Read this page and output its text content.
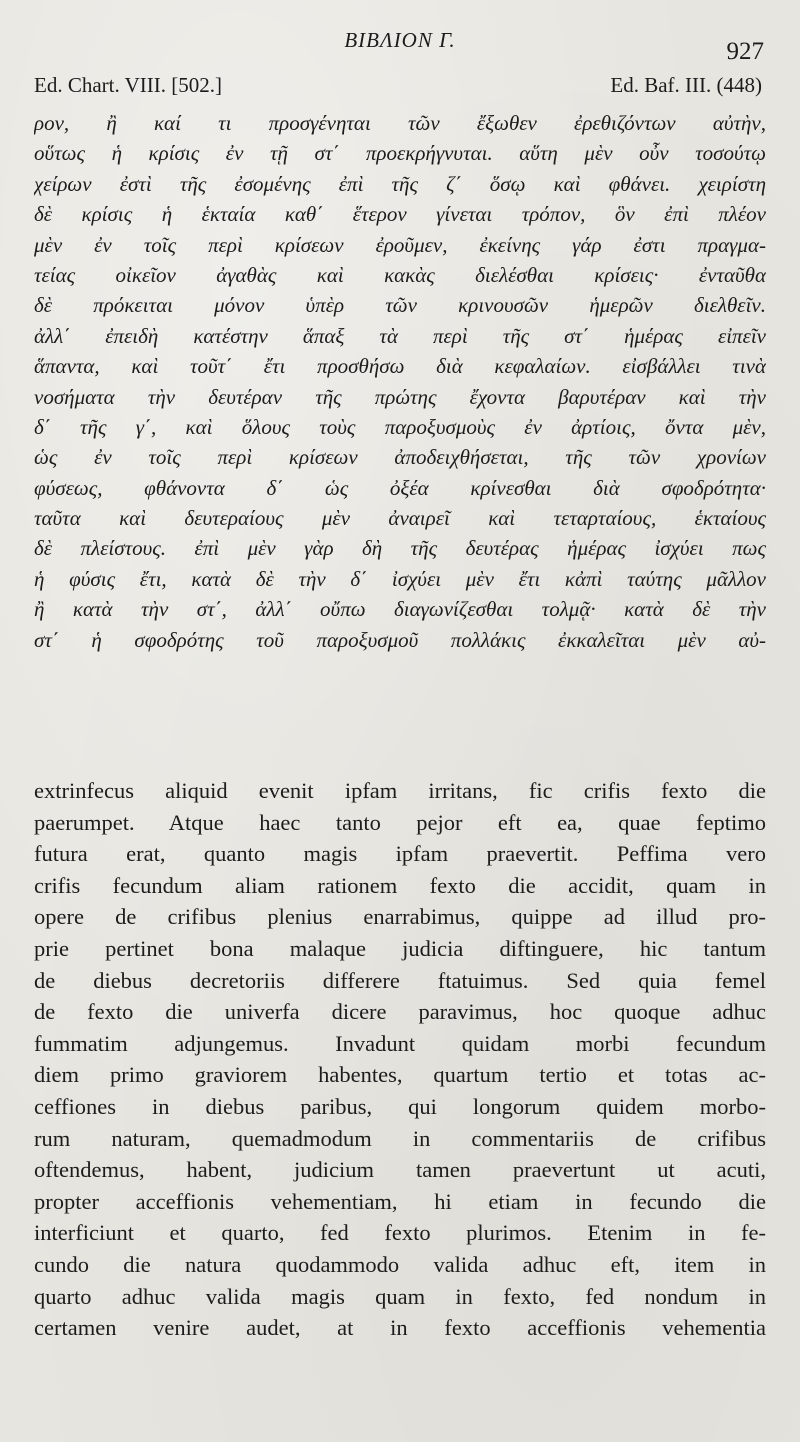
ΒΙΒΛΙΟΝ Γ.	927
Ed. Chart. VIII. [502.]	Ed. Baf. III. (448)
ρον, ἢ καί τι προσγένηται τῶν ἔξωθεν ἐρεθιζόντων αὐτὴν,
οὕτως ἡ κρίσις ἐν τῇ στ΄ προεκρήγνυται. αὕτη μὲν οὖν τοσούτῳ
χείρων ἐστὶ τῆς ἐσομένης ἐπὶ τῆς ζ΄ ὅσῳ καὶ φθάνει. χειρίστη
δὲ κρίσις ἡ ἑκταία καθ΄ ἕτερον γίνεται τρόπον, ὃν ἐπὶ πλέον
μὲν ἐν τοῖς περὶ κρίσεων ἐροῦμεν, ἐκείνης γάρ ἐστι πραγμα-
τείας οἰκεῖον ἀγαθὰς καὶ κακὰς διελέσθαι κρίσεις· ἐνταῦθα
δὲ πρόκειται μόνον ὑπὲρ τῶν κρινουσῶν ἡμερῶν διελθεῖν.
ἀλλ΄ ἐπειδὴ κατέστην ἅπαξ τὰ περὶ τῆς στ΄ ἡμέρας εἰπεῖν
ἅπαντα, καὶ τοῦτ΄ ἔτι προσθήσω διὰ κεφαλαίων. εἰσβάλλει τινὰ
νοσήματα τὴν δευτέραν τῆς πρώτης ἔχοντα βαρυτέραν καὶ τὴν
δ΄ τῆς γ΄, καὶ ὅλους τοὺς παροξυσμοὺς ἐν ἀρτίοις, ὄντα μὲν,
ὡς ἐν τοῖς περὶ κρίσεων ἀποδειχθήσεται, τῆς τῶν χρονίων
φύσεως, φθάνοντα δ΄ ὡς ὀξέα κρίνεσθαι διὰ σφοδρότητα·
ταῦτα καὶ δευτεραίους μὲν ἀναιρεῖ καὶ τεταρταίους, ἑκταίους
δὲ πλείστους. ἐπὶ μὲν γὰρ δὴ τῆς δευτέρας ἡμέρας ἰσχύει πως
ἡ φύσις ἔτι, κατὰ δὲ τὴν δ΄ ἰσχύει μὲν ἔτι κἀπὶ ταύτης μᾶλλον
ἢ κατὰ τὴν στ΄, ἀλλ΄ οὔπω διαγωνίζεσθαι τολμᾷ· κατὰ δὲ τὴν
στ΄ ἡ σφοδρότης τοῦ παροξυσμοῦ πολλάκις ἐκκαλεῖται μὲν αὐ-
extrinfecus aliquid evenit ipfam irritans, fic crifis fexto die
paerumpet. Atque haec tanto pejor eft ea, quae feptimo
futura erat, quanto magis ipfam praevertit. Peffima vero
crifis fecundum aliam rationem fexto die accidit, quam in
opere de crifibus plenius enarrabimus, quippe ad illud pro-
prie pertinet bona malaque judicia diftinguere, hic tantum
de diebus decretoriis differere ftatuimus. Sed quia femel
de fexto die univerfa dicere paravimus, hoc quoque adhuc
fummatim adjungemus. Invadunt quidam morbi fecundum
diem primo graviorem habentes, quartum tertio et totas ac-
ceffiones in diebus paribus, qui longorum quidem morbo-
rum naturam, quemadmodum in commentariis de crifibus
oftendemus, habent, judicium tamen praevertunt ut acuti,
propter acceffionis vehementiam, hi etiam in fecundo die
interficiunt et quarto, fed fexto plurimos. Etenim in fe-
cundo die natura quodammodo valida adhuc eft, item in
quarto adhuc valida magis quam in fexto, fed nondum in
certamen venire audet, at in fexto acceffionis vehementia
